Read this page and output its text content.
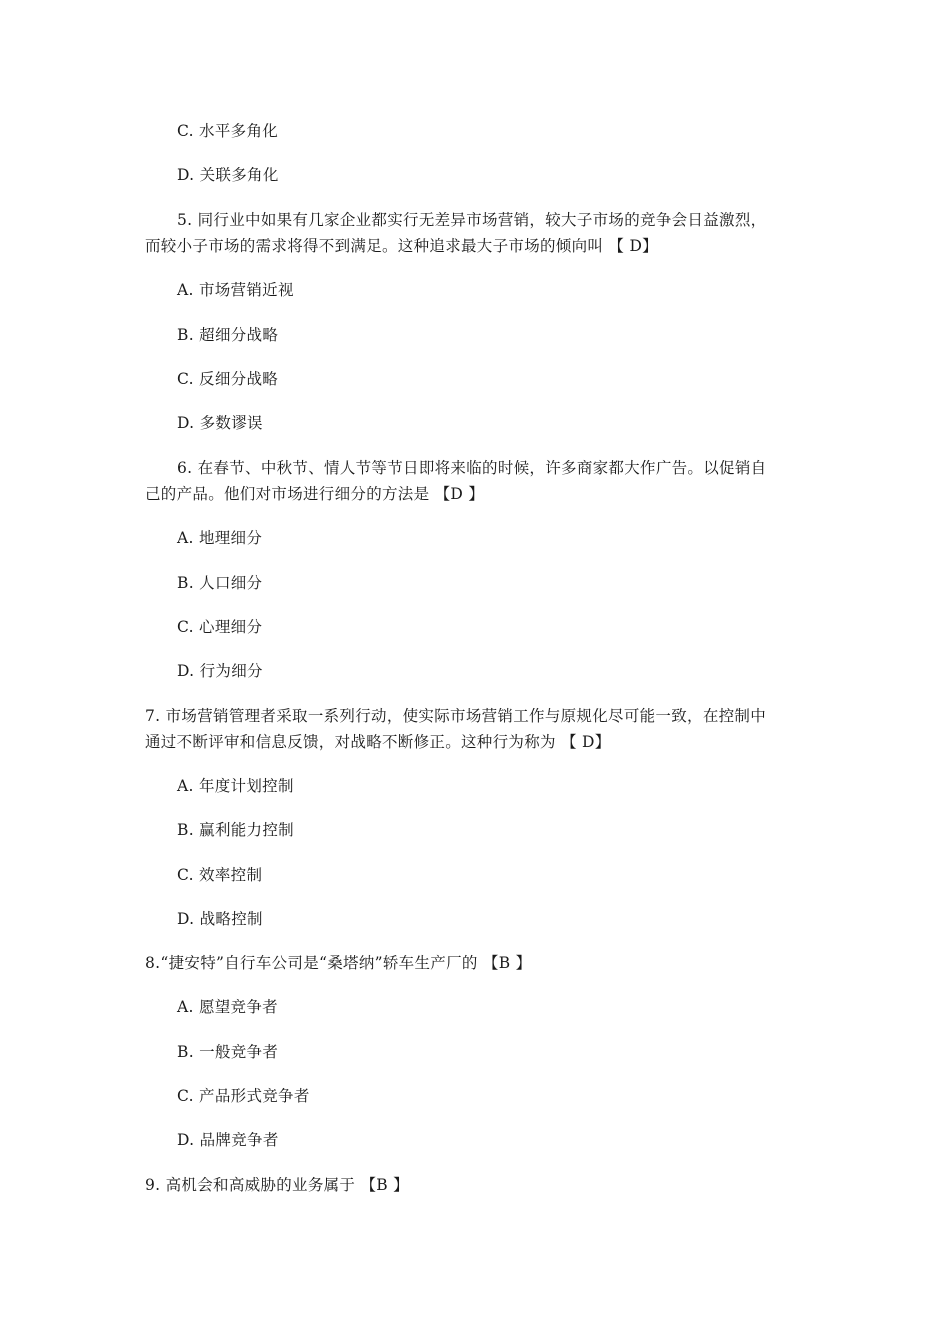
C. 水平多角化
D. 关联多角化
5. 同行业中如果有几家企业都实行无差异市场营销，较大子市场的竞争会日益激烈，
而较小子市场的需求将得不到满足。这种追求最大子市场的倾向叫 【 D】
A. 市场营销近视
B. 超细分战略
C. 反细分战略
D. 多数谬误
6. 在春节、中秋节、情人节等节日即将来临的时候，许多商家都大作广告。以促销自
己的产品。他们对市场进行细分的方法是 【D 】
A. 地理细分
B. 人口细分
C. 心理细分
D. 行为细分
7. 市场营销管理者采取一系列行动，使实际市场营销工作与原规化尽可能一致，在控制中
通过不断评审和信息反馈，对战略不断修正。这种行为称为 【 D】
A. 年度计划控制
B. 赢利能力控制
C. 效率控制
D. 战略控制
8.“捷安特”自行车公司是“桑塔纳”轿车生产厂的 【B 】
A. 愿望竞争者
B. 一般竞争者
C. 产品形式竞争者
D. 品牌竞争者
9. 高机会和高威胁的业务属于 【B 】
